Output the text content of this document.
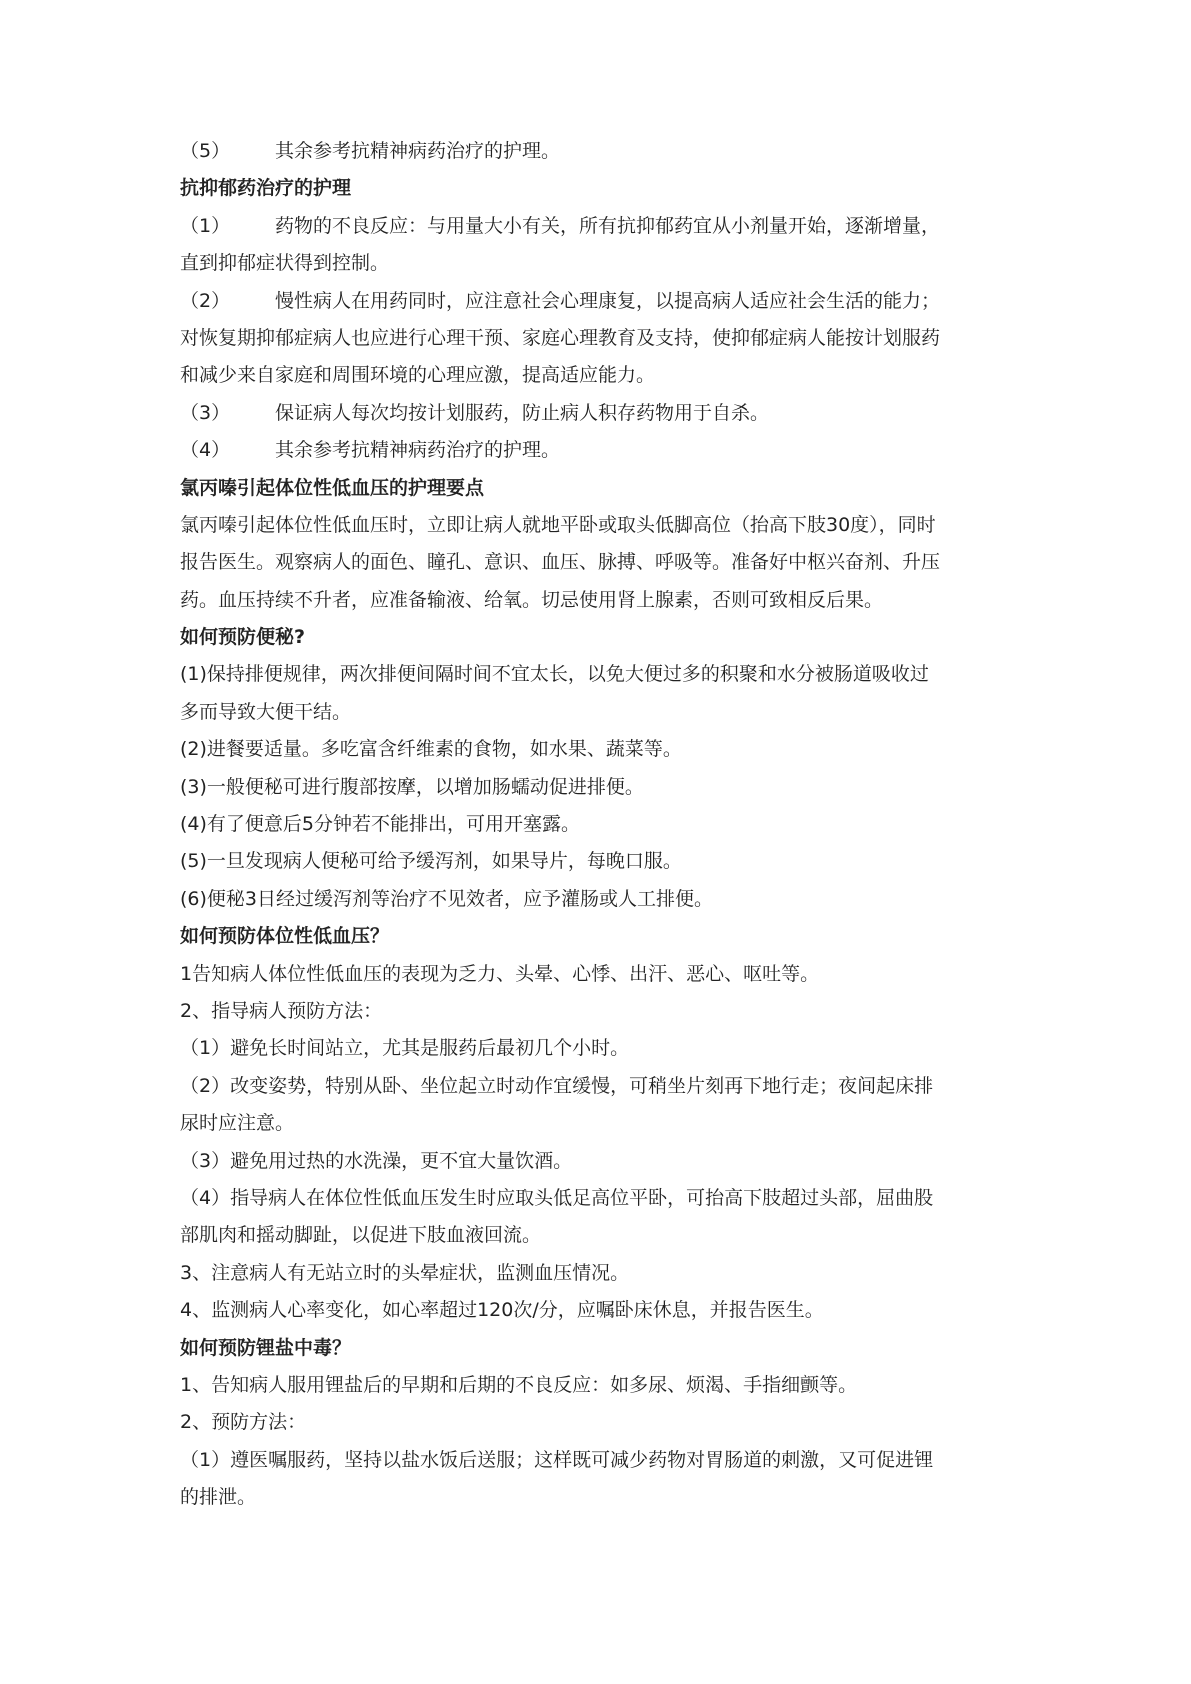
（5） 其余参考抗精神病药治疗的护理。
抗抑郁药治疗的护理
（1） 药物的不良反应：与用量大小有关，所有抗抑郁药宜从小剂量开始，逐渐增量，
直到抑郁症状得到控制。
（2） 慢性病人在用药同时，应注意社会心理康复，以提高病人适应社会生活的能力；
对恢复期抑郁症病人也应进行心理干预、家庭心理教育及支持，使抑郁症病人能按计划服药
和减少来自家庭和周围环境的心理应激，提高适应能力。
（3） 保证病人每次均按计划服药，防止病人积存药物用于自杀。
（4） 其余参考抗精神病药治疗的护理。
氯丙嗪引起体位性低血压的护理要点
氯丙嗪引起体位性低血压时，立即让病人就地平卧或取头低脚高位（抬高下肢30度），同时
报告医生。观察病人的面色、瞳孔、意识、血压、脉搏、呼吸等。准备好中枢兴奋剂、升压
药。血压持续不升者，应准备输液、给氧。切忌使用肾上腺素，否则可致相反后果。
如何预防便秘?
(1)保持排便规律，两次排便间隔时间不宜太长，以免大便过多的积聚和水分被肠道吸收过
多而导致大便干结。
(2)进餐要适量。多吃富含纤维素的食物，如水果、蔬菜等。
(3)一般便秘可进行腹部按摩，以增加肠蠕动促进排便。
(4)有了便意后5分钟若不能排出，可用开塞露。
(5)一旦发现病人便秘可给予缓泻剂，如果导片，每晚口服。
(6)便秘3日经过缓泻剂等治疗不见效者，应予灌肠或人工排便。
如何预防体位性低血压？
1告知病人体位性低血压的表现为乏力、头晕、心悸、出汗、恶心、呕吐等。
2、指导病人预防方法：
（1）避免长时间站立，尤其是服药后最初几个小时。
（2）改变姿势，特别从卧、坐位起立时动作宜缓慢，可稍坐片刻再下地行走；夜间起床排
尿时应注意。
（3）避免用过热的水洗澡，更不宜大量饮酒。
（4）指导病人在体位性低血压发生时应取头低足高位平卧，可抬高下肢超过头部，屈曲股
部肌肉和摇动脚趾，以促进下肢血液回流。
3、注意病人有无站立时的头晕症状，监测血压情况。
4、监测病人心率变化，如心率超过120次/分，应嘱卧床休息，并报告医生。
如何预防锂盐中毒？
1、告知病人服用锂盐后的早期和后期的不良反应：如多尿、烦渴、手指细颤等。
2、预防方法：
（1）遵医嘱服药，坚持以盐水饭后送服；这样既可减少药物对胃肠道的刺激，又可促进锂
的排泄。
